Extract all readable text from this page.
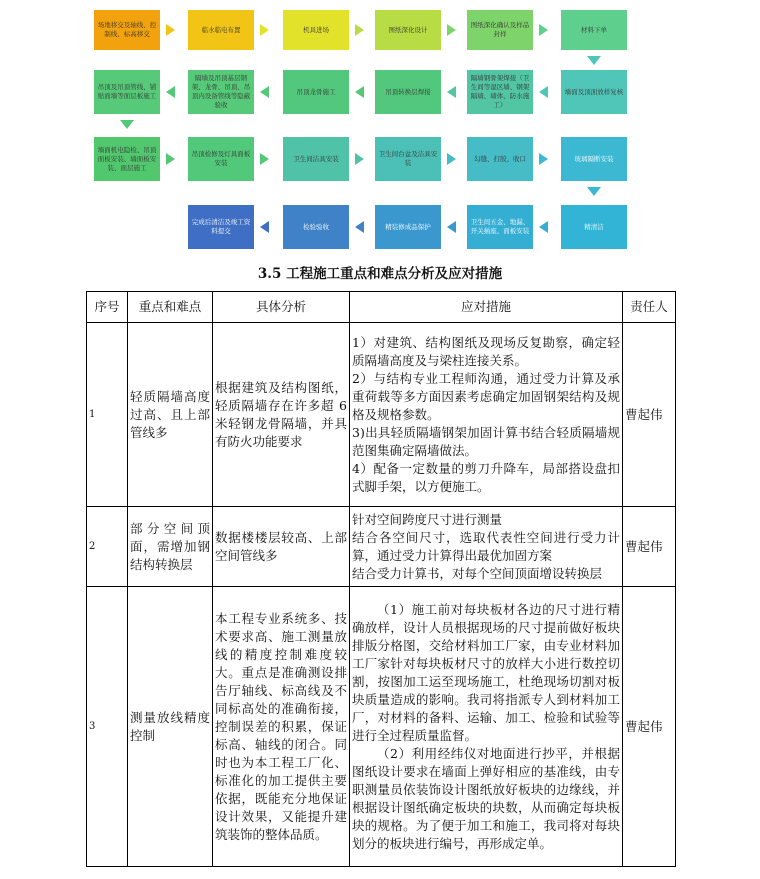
场地移交及轴线、控制线、标高移交
临水临电布置	机具进场	图纸深化设计
图纸深化确认及样品封样
材料下单
吊顶及吊顶管线、铺贴面墙等面层板施工
隔墙及吊顶基层钢架、龙骨、吊顶、吊顶内设备管线等隐蔽验收
吊顶龙骨施工	吊顶转换层焊接
隔墙钢骨架焊接（卫生间等湿区墙、钢架隔墙、墙体、防水施工）
墙面及顶面放样复核
墙面机电隐检、吊顶面板安装、墙面板安装、面层施工
吊顶检修及灯具面板安装
卫生间洁具安装
卫生间台盆及洁具安装
勾缝、打胶、收口	玻璃隔断安装
完成后清洁及竣工资料提交
检验验收	精装修成品保护
卫生间五金、地漏、开关插座、面板安装
精清洁
3.5 工程施工重点和难点分析及应对措施
序号	重点和难点	具体分析	应对措施	责任人
1	轻质隔墙高度过高、且上部管线多	根据建筑及结构图纸，轻质隔墙存在许多超 6 米轻钢龙骨隔墙，并具有防火功能要求	1）对建筑、结构图纸及现场反复勘察，确定轻质隔墙高度及与梁柱连接关系。
2）与结构专业工程师沟通，通过受力计算及承重荷载等多方面因素考虑确定加固钢架结构及规格及规格参数。
3)出具轻质隔墙钢架加固计算书结合轻质隔墙规范图集确定隔墙做法。
4）配备一定数量的剪刀升降车，局部搭设盘扣式脚手架，以方便施工。	曹起伟
2	部分空间顶面，需增加钢结构转换层	数据楼楼层较高、上部空间管线多	针对空间跨度尺寸进行测量
结合各空间尺寸，选取代表性空间进行受力计算，通过受力计算得出最优加固方案
结合受力计算书，对每个空间顶面增设转换层	曹起伟
3	测量放线精度控制	本工程专业系统多、技术要求高、施工测量放线的精度控制难度较大。重点是准确测设排告厅轴线、标高线及不同标高处的准确衔接，控制误差的积累，保证标高、轴线的闭合。同时也为本工程工厂化、标准化的加工提供主要依据，既能充分地保证设计效果，又能提升建筑装饰的整体品质。	（1）施工前对每块板材各边的尺寸进行精确放样，设计人员根据现场的尺寸提前做好板块排版分格图，交给材料加工厂家，由专业材料加工厂家针对每块板材尺寸的放样大小进行数控切割，按图加工运至现场施工，杜绝现场切割对板块质量造成的影响。我司将指派专人到材料加工厂，对材料的备料、运输、加工、检验和试验等进行全过程质量监督。
（2）利用经纬仪对地面进行抄平，并根据图纸设计要求在墙面上弹好相应的基准线，由专职测量员依装饰设计图纸放好板块的边缘线，并根据设计图纸确定板块的块数，从而确定每块板块的规格。为了便于加工和施工，我司将对每块划分的板块进行编号，再形成定单。	曹起伟
